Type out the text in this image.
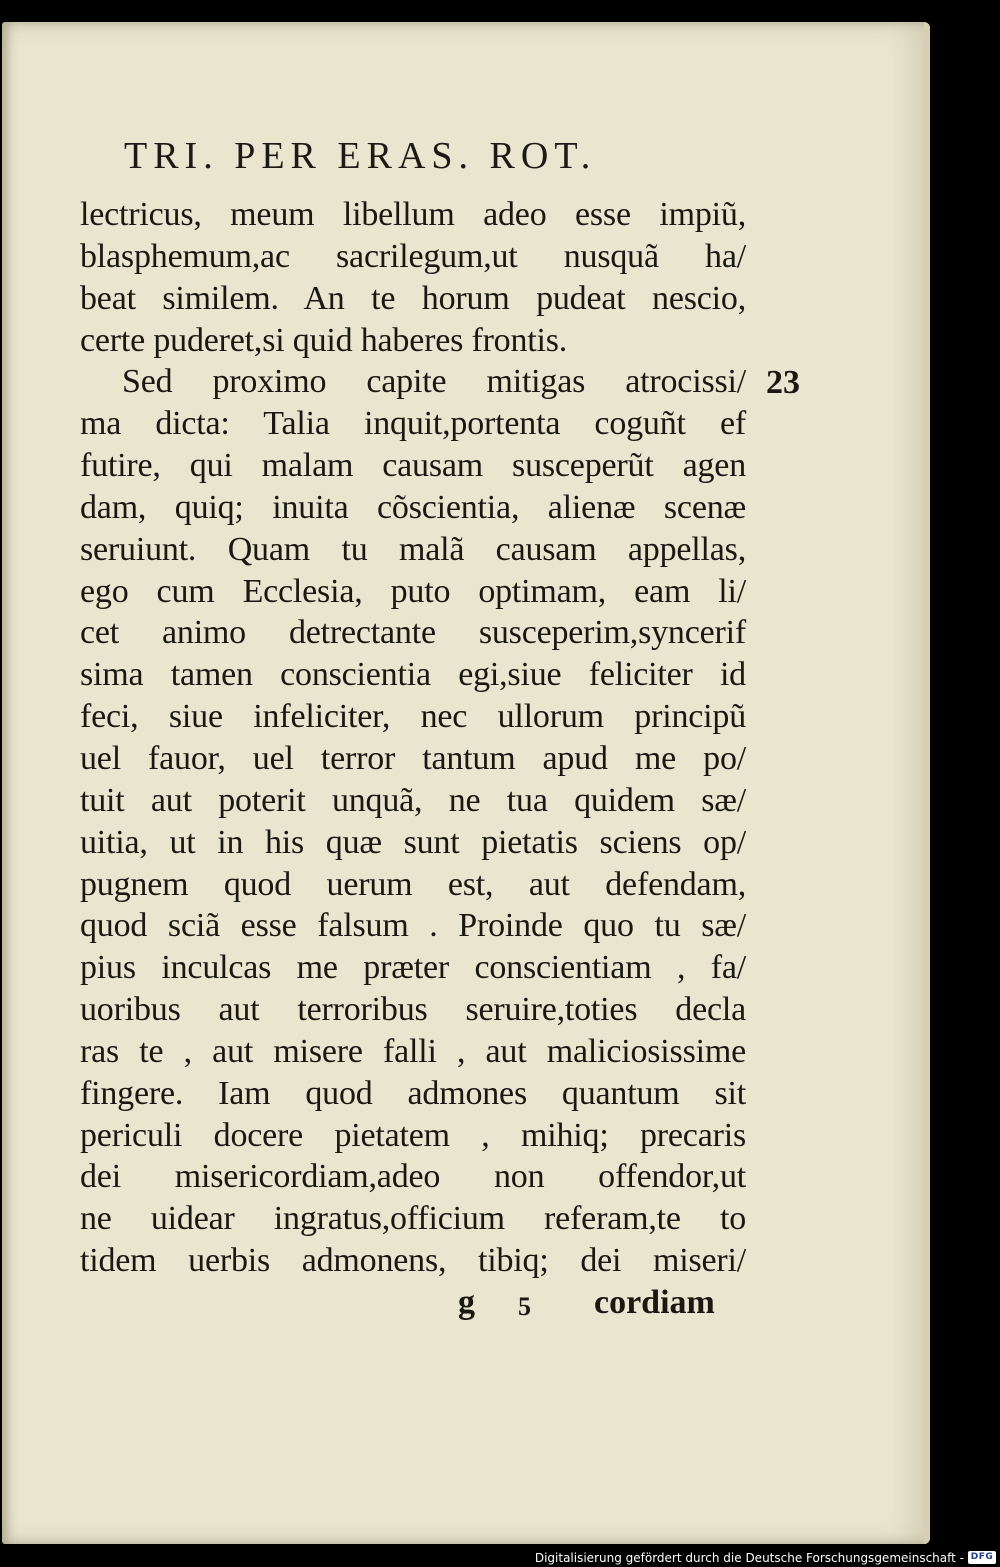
TRI. PER ERAS. ROT.
lectricus, meum libellum adeo esse impiũ,
blasphemum,ac sacrilegum,ut nusquã ha/
beat similem. An te horum pudeat nescio,
certe puderet,si quid haberes frontis.
Sed proximo capite mitigas atrocissi/
ma dicta: Talia inquit,portenta coguñt ef
futire, qui malam causam susceperũt agen
dam, quiq; inuita cõscientia, alienæ scenæ
seruiunt. Quam tu malã causam appellas,
ego cum Ecclesia, puto optimam, eam li/
cet animo detrectante susceperim,syncerif
sima tamen conscientia egi,siue feliciter id
feci, siue infeliciter, nec ullorum principũ
uel fauor, uel terror tantum apud me po/
tuit aut poterit unquã, ne tua quidem sæ/
uitia, ut in his quæ sunt pietatis sciens op/
pugnem quod uerum est, aut defendam,
quod sciã esse falsum . Proinde quo tu sæ/
pius inculcas me præter conscientiam , fa/
uoribus aut terroribus seruire,toties decla
ras te , aut misere falli , aut maliciosissime
fingere. Iam quod admones quantum sit
periculi docere pietatem , mihiq; precaris
dei misericordiam,adeo non offendor,ut
ne uidear ingratus,officium referam,te to
tidem uerbis admonens, tibiq; dei miseri/
23
g 5 cordiam
Digitalisierung gefördert durch die Deutsche Forschungsgemeinschaft - DFG
